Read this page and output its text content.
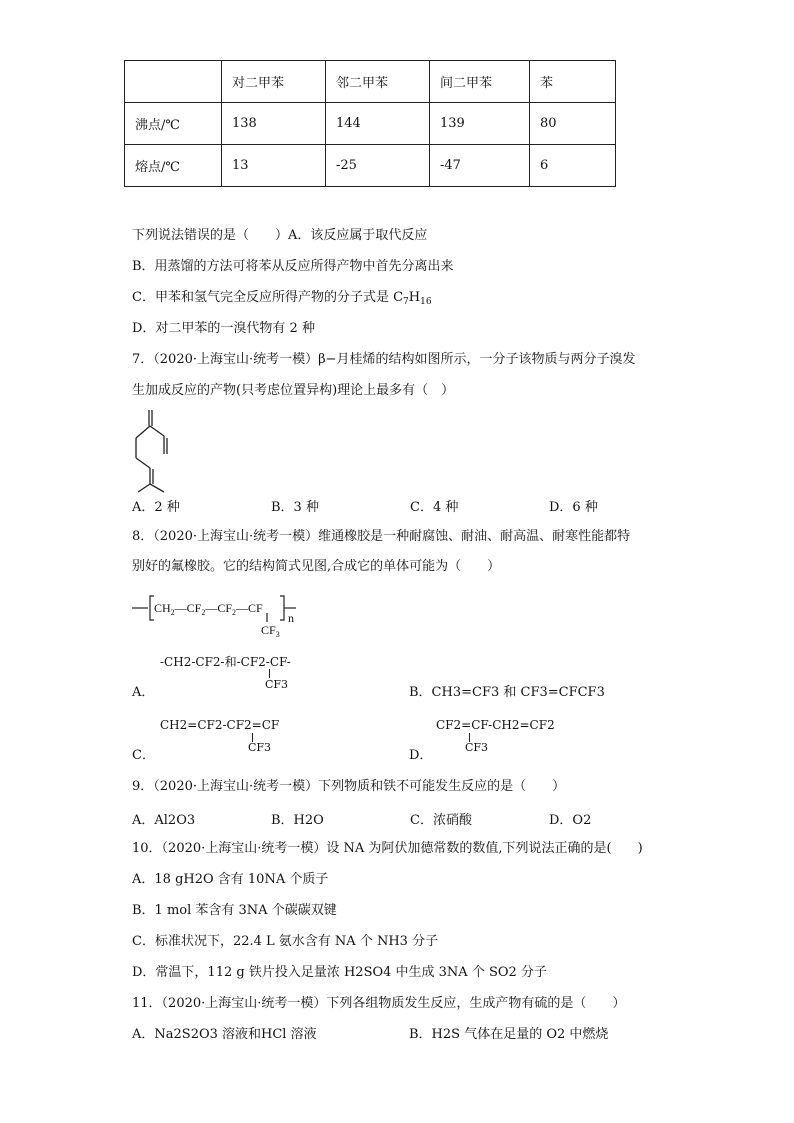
	对二甲苯	邻二甲苯	间二甲苯	苯
沸点/℃	138	144	139	80
熔点/℃	13	-25	-47	6
下列说法错误的是（　　）A．该反应属于取代反应
B．用蒸馏的方法可将苯从反应所得产物中首先分离出来
C．甲苯和氢气完全反应所得产物的分子式是 $C_7H_{16}$
D．对二甲苯的一溴代物有 2 种
7．（2020·上海宝山·统考一模）β−月桂烯的结构如图所示，一分子该物质与两分子溴发
生加成反应的产物(只考虑位置异构)理论上最多有（　）
A．2 种	B．3 种	C．4 种	D．6 种
8．（2020·上海宝山·统考一模）维通橡胶是一种耐腐蚀、耐油、耐高温、耐寒性能都特
别好的氟橡胶。它的结构简式见图,合成它的单体可能为（　　）
$CH_2—CF_2—CF_2—CF$
$CF_3$
n
-CH2-CF2-和-CF2-CF-
CF3
A．	B．CH3=CF3 和 CF3=CFCF3
CH2=CF2-CF2=CF
CF3
C．
CF2=CF-CH2=CF2
CF3
D．
9．（2020·上海宝山·统考一模）下列物质和铁不可能发生反应的是（　　）
A．Al2O3	B．H2O	C．浓硝酸	D．O2
10．（2020·上海宝山·统考一模）设 NA 为阿伏加德常数的数值,下列说法正确的是(　　)
A．18 gH2O 含有 10NA 个质子
B．1 mol 苯含有 3NA 个碳碳双键
C．标准状况下，22.4 L 氨水含有 NA 个 NH3 分子
D．常温下，112 g 铁片投入足量浓 H2SO4 中生成 3NA 个 SO2 分子
11．（2020·上海宝山·统考一模）下列各组物质发生反应，生成产物有硫的是（　　）
A．Na2S2O3 溶液和HCl 溶液	B．H2S 气体在足量的 O2 中燃烧
